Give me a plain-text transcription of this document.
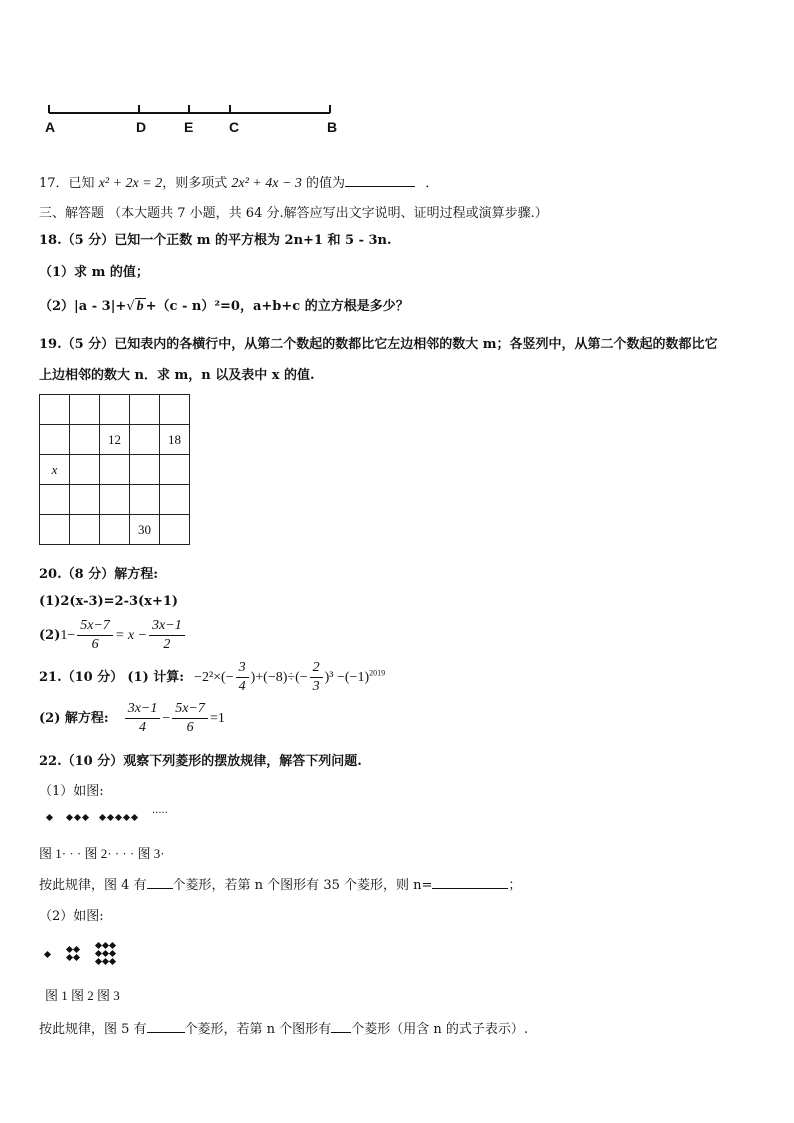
A	D	E	C	B
17．已知 x² + 2x = 2，则多项式 2x² + 4x − 3 的值为	．
三、解答题 （本大题共 7 小题，共 64 分.解答应写出文字说明、证明过程或演算步骤.）
18.（5 分）已知一个正数 m 的平方根为 2n+1 和 5 - 3n.
（1）求 m 的值；
（2）|a - 3|+√ b +（c - n）²=0，a+b+c 的立方根是多少？
19.（5 分）已知表内的各横行中，从第二个数起的数都比它左边相邻的数大 m；各竖列中，从第二个数起的数都比它
上边相邻的数大 n．求 m，n 以及表中 x 的值.

		12		18
x				

			30	
20.（8 分）解方程:
(1)2(x-3)=2-3(x+1)
$(2)1- \frac{5x-7}{6} = x - \frac{3x-1}{2}$
21.（10 分） (1) 计算: $-2^2\times(- \frac{3}{4} )+(-8)\div(- \frac{2}{3} )^3 -(-1)^{2019}$
(2) 解方程: $\frac{3x-1}{4} - \frac{5x-7}{6} =1$
22.（10 分）观察下列菱形的摆放规律，解答下列问题.
（1）如图:
·····
图 1· · · 图 2· · · · 图 3·
按此规律，图 4 有 个菱形，若第 n 个图形有 35 个菱形，则 n=	；
（2）如图:
图 1 图 2 图 3
按此规律，图 5 有	个菱形，若第 n 个图形有 个菱形（用含 n 的式子表示）.
